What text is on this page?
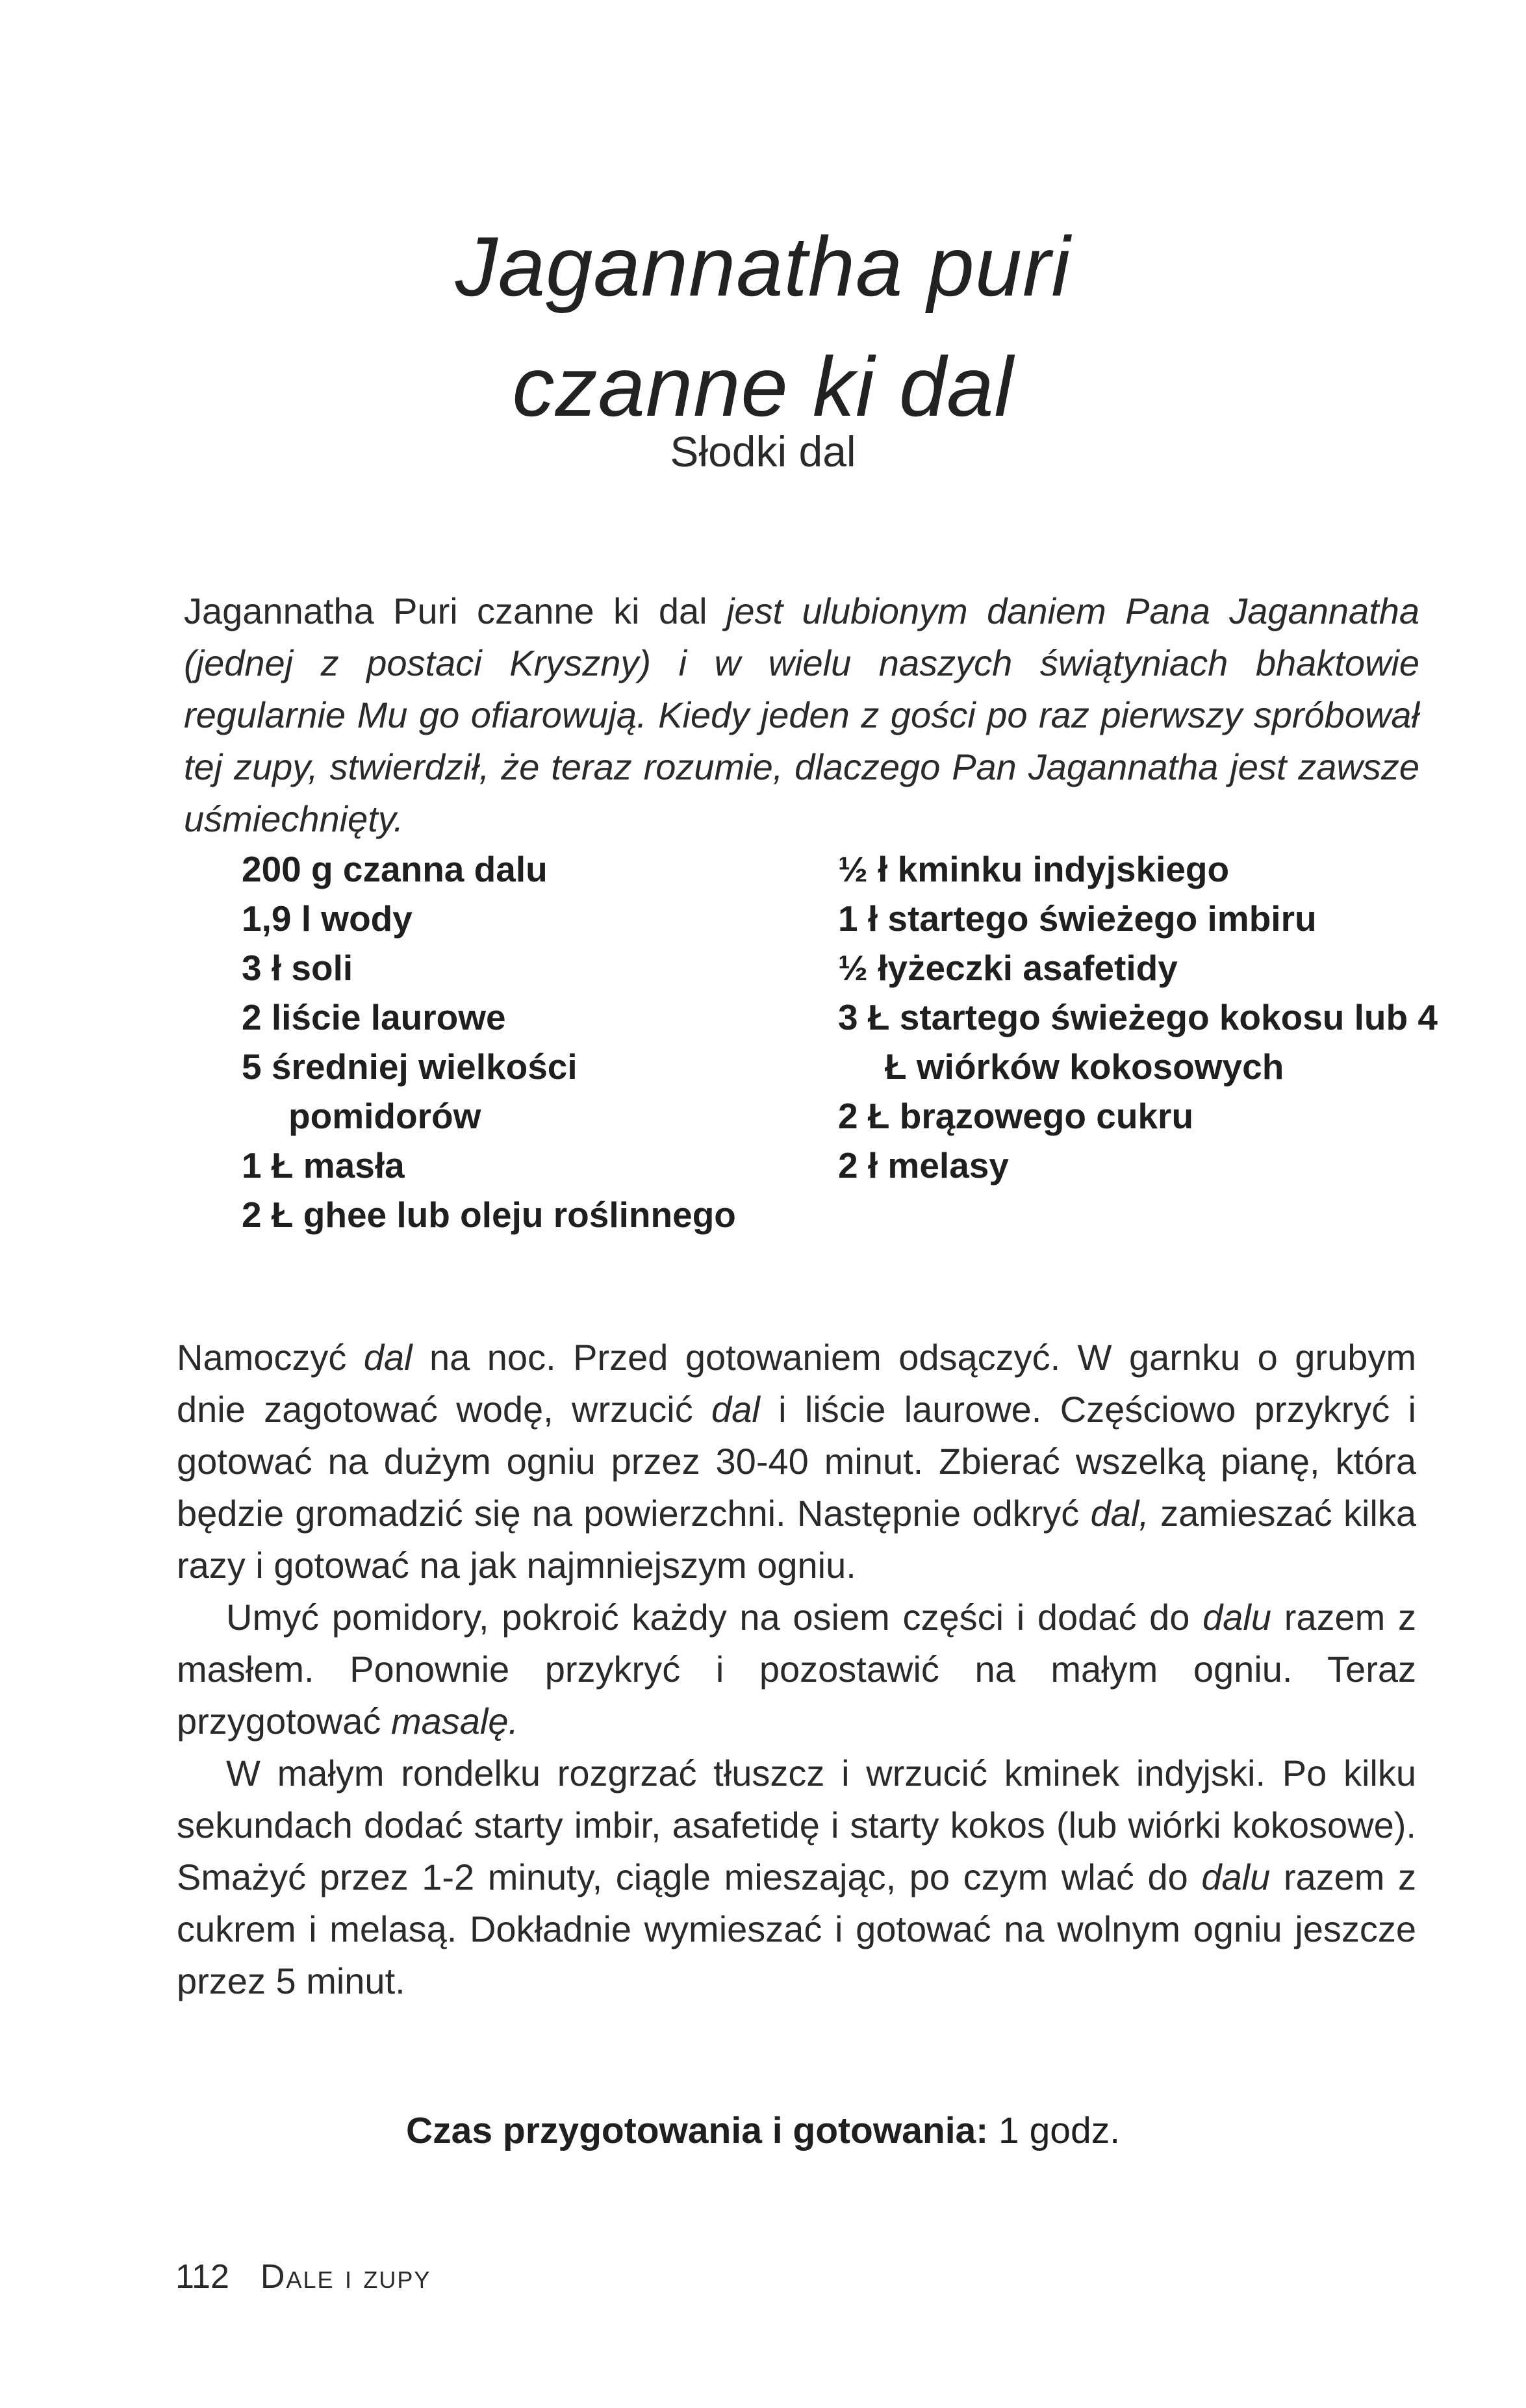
Jagannatha puri
czanne ki dal
Słodki dal

Jagannatha Puri czanne ki dal jest ulubionym daniem Pana Jagannatha (jednej z postaci Kryszny) i w wielu naszych świątyniach bhaktowie regularnie Mu go ofiarowują. Kiedy jeden z gości po raz pierwszy spróbował tej zupy, stwierdził, że teraz rozumie, dlaczego Pan Jagannatha jest zawsze uśmiechnięty.

200 g czanna dalu
1,9 l wody
3 ł soli
2 liście laurowe
5 średniej wielkości pomidorów
1 Ł masła
2 Ł ghee lub oleju roślinnego
½ ł kminku indyjskiego
1 ł startego świeżego imbiru
½ łyżeczki asafetidy
3 Ł startego świeżego kokosu lub 4 Ł wiórków kokosowych
2 Ł brązowego cukru
2 ł melasy

Namoczyć dal na noc. Przed gotowaniem odsączyć. W garnku o grubym dnie zagotować wodę, wrzucić dal i liście laurowe. Częściowo przykryć i gotować na dużym ogniu przez 30-40 minut. Zbierać wszelką pianę, która będzie gromadzić się na powierzchni. Następnie odkryć dal, zamieszać kilka razy i gotować na jak najmniejszym ogniu.

Umyć pomidory, pokroić każdy na osiem części i dodać do dalu razem z masłem. Ponownie przykryć i pozostawić na małym ogniu. Teraz przygotować masalę.

W małym rondelku rozgrzać tłuszcz i wrzucić kminek indyjski. Po kilku sekundach dodać starty imbir, asafetidę i starty kokos (lub wiórki kokosowe). Smażyć przez 1-2 minuty, ciągle mieszając, po czym wlać do dalu razem z cukrem i melasą. Dokładnie wymieszać i gotować na wolnym ogniu jeszcze przez 5 minut.

Czas przygotowania i gotowania: 1 godz.
112 Dale i zupy
